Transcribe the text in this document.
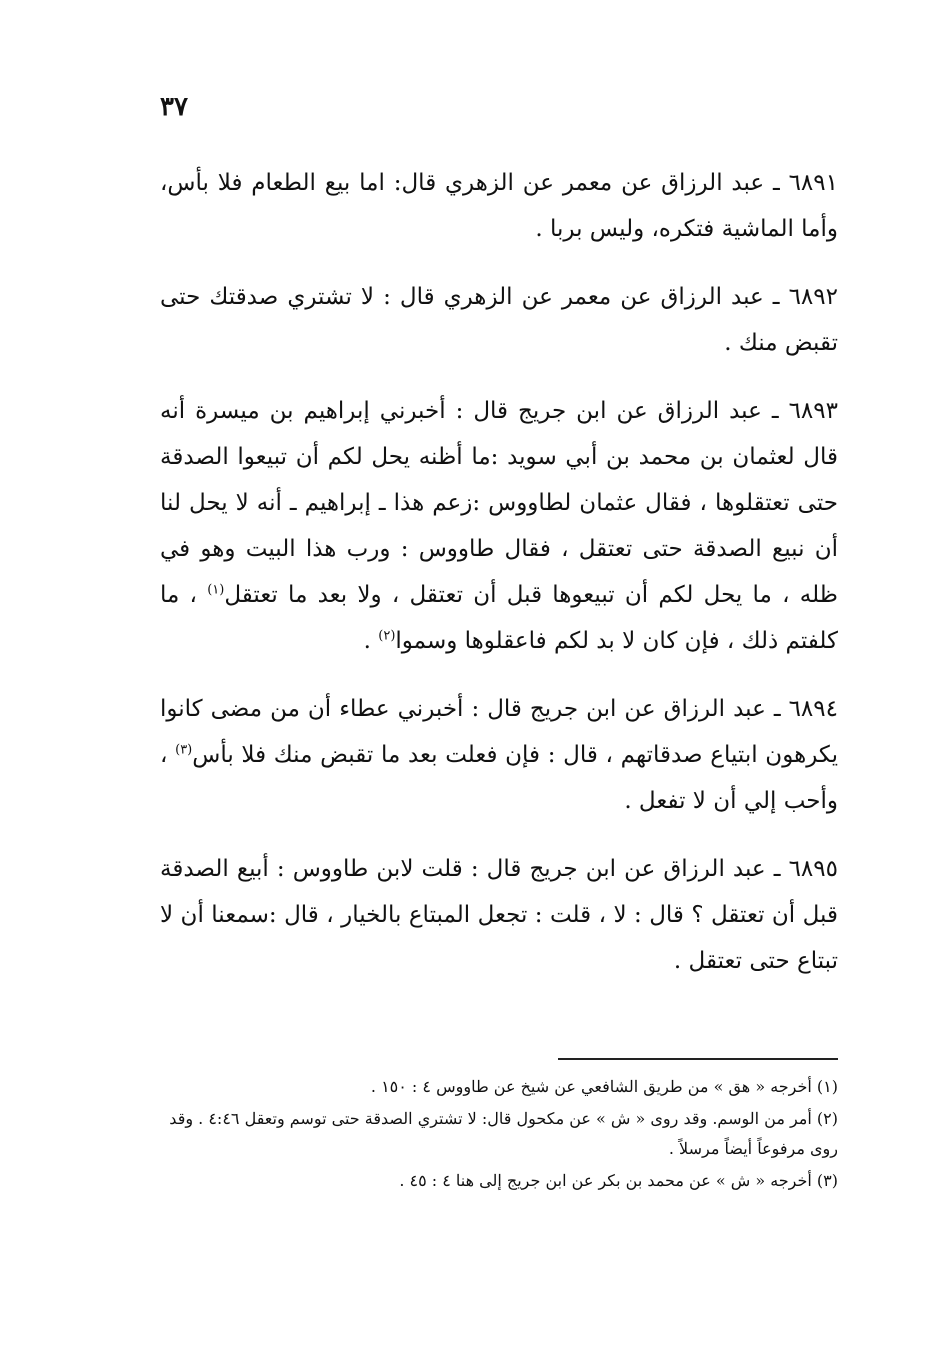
٣٧

٦٨٩١ ـ عبد الرزاق عن معمر عن الزهري قال: اما بيع الطعام فلا بأس، وأما الماشية فتكره، وليس بربا .

٦٨٩٢ ـ عبد الرزاق عن معمر عن الزهري قال : لا تشتري صدقتك حتى تقبض منك .

٦٨٩٣ ـ عبد الرزاق عن ابن جريج قال : أخبرني إبراهيم بن ميسرة أنه قال لعثمان بن محمد بن أبي سويد :ما أظنه يحل لكم أن تبيعوا الصدقة حتى تعتقلوها ، فقال عثمان لطاووس :زعم هذا ـ إبراهيم ـ أنه لا يحل لنا أن نبيع الصدقة حتى تعتقل ، فقال طاووس : ورب هذا البيت وهو في ظله ، ما يحل لكم أن تبيعوها قبل أن تعتقل ، ولا بعد ما تعتقل$^{(١)}$ ، ما كلفتم ذلك ، فإن كان لا بد لكم فاعقلوها وسموا$^{(٢)}$ .

٦٨٩٤ ـ عبد الرزاق عن ابن جريج قال : أخبرني عطاء أن من مضى كانوا يكرهون ابتياع صدقاتهم ، قال : فإن فعلت بعد ما تقبض منك فلا بأس$^{(٣)}$ ، وأحب إلي أن لا تفعل .

٦٨٩٥ ـ عبد الرزاق عن ابن جريج قال : قلت لابن طاووس : أبيع الصدقة قبل أن تعتقل ؟ قال : لا ، قلت : تجعل المبتاع بالخيار ، قال :سمعنا أن لا تبتاع حتى تعتقل .

(١) أخرجه « هق » من طريق الشافعي عن شيخ عن طاووس ٤ : ١٥٠ .

(٢) أمر من الوسم. وقد روى « ش » عن مكحول قال: لا تشتري الصدقة حتى توسم وتعقل ٤:٤٦ . وقد روى مرفوعاً أيضاً مرسلاً .

(٣) أخرجه « ش » عن محمد بن بكر عن ابن جريج إلى هنا ٤ : ٤٥ .
